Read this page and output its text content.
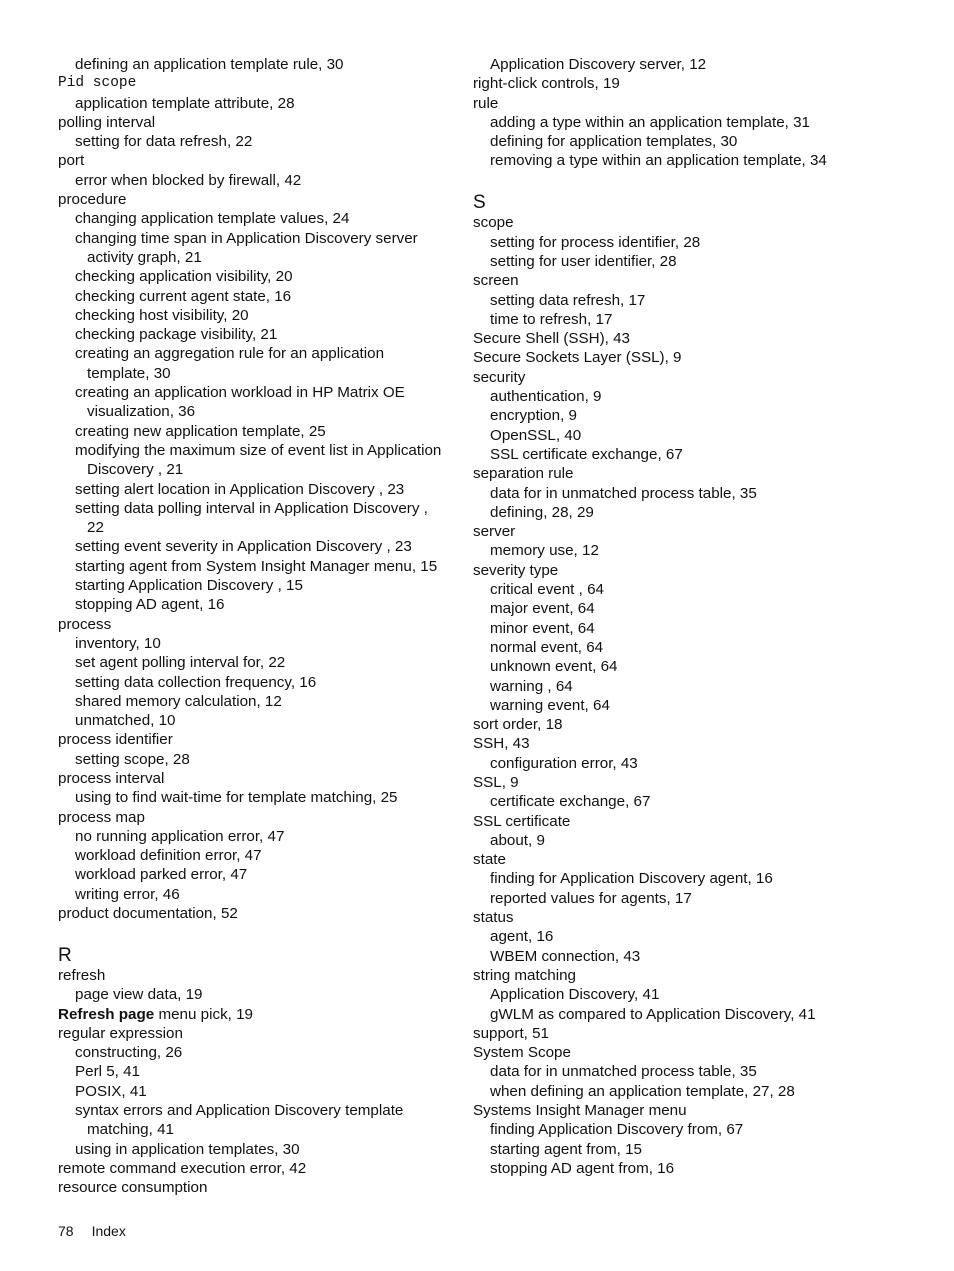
defining an application template rule, 30
Pid scope
application template attribute, 28
polling interval
setting for data refresh, 22
port
error when blocked by firewall, 42
procedure
changing application template values, 24
changing time span in Application Discovery server
activity graph, 21
checking application visibility, 20
checking current agent state, 16
checking host visibility, 20
checking package visibility, 21
creating an aggregation rule for an application
template, 30
creating an application workload in HP Matrix OE
visualization, 36
creating new application template, 25
modifying the maximum size of event list in Application
Discovery , 21
setting alert location in Application Discovery , 23
setting data polling interval in Application Discovery ,
22
setting event severity in Application Discovery , 23
starting agent from System Insight Manager menu, 15
starting Application Discovery , 15
stopping AD agent, 16
process
inventory, 10
set agent polling interval for, 22
setting data collection frequency, 16
shared memory calculation, 12
unmatched, 10
process identifier
setting scope, 28
process interval
using to find wait-time for template matching, 25
process map
no running application error, 47
workload definition error, 47
workload parked error, 47
writing error, 46
product documentation, 52
R
refresh
page view data, 19
Refresh page menu pick, 19
regular expression
constructing, 26
Perl 5, 41
POSIX, 41
syntax errors and Application Discovery template
matching, 41
using in application templates, 30
remote command execution error, 42
resource consumption
Application Discovery server, 12
right-click controls, 19
rule
adding a type within an application template, 31
defining for application templates, 30
removing a type within an application template, 34
S
scope
setting for process identifier, 28
setting for user identifier, 28
screen
setting data refresh, 17
time to refresh, 17
Secure Shell (SSH), 43
Secure Sockets Layer (SSL), 9
security
authentication, 9
encryption, 9
OpenSSL, 40
SSL certificate exchange, 67
separation rule
data for in unmatched process table, 35
defining, 28, 29
server
memory use, 12
severity type
critical event , 64
major event, 64
minor event, 64
normal event, 64
unknown event, 64
warning , 64
warning event, 64
sort order, 18
SSH, 43
configuration error, 43
SSL, 9
certificate exchange, 67
SSL certificate
about, 9
state
finding for Application Discovery agent, 16
reported values for agents, 17
status
agent, 16
WBEM connection, 43
string matching
Application Discovery, 41
gWLM as compared to Application Discovery, 41
support, 51
System Scope
data for in unmatched process table, 35
when defining an application template, 27, 28
Systems Insight Manager menu
finding Application Discovery from, 67
starting agent from, 15
stopping AD agent from, 16
78 Index
